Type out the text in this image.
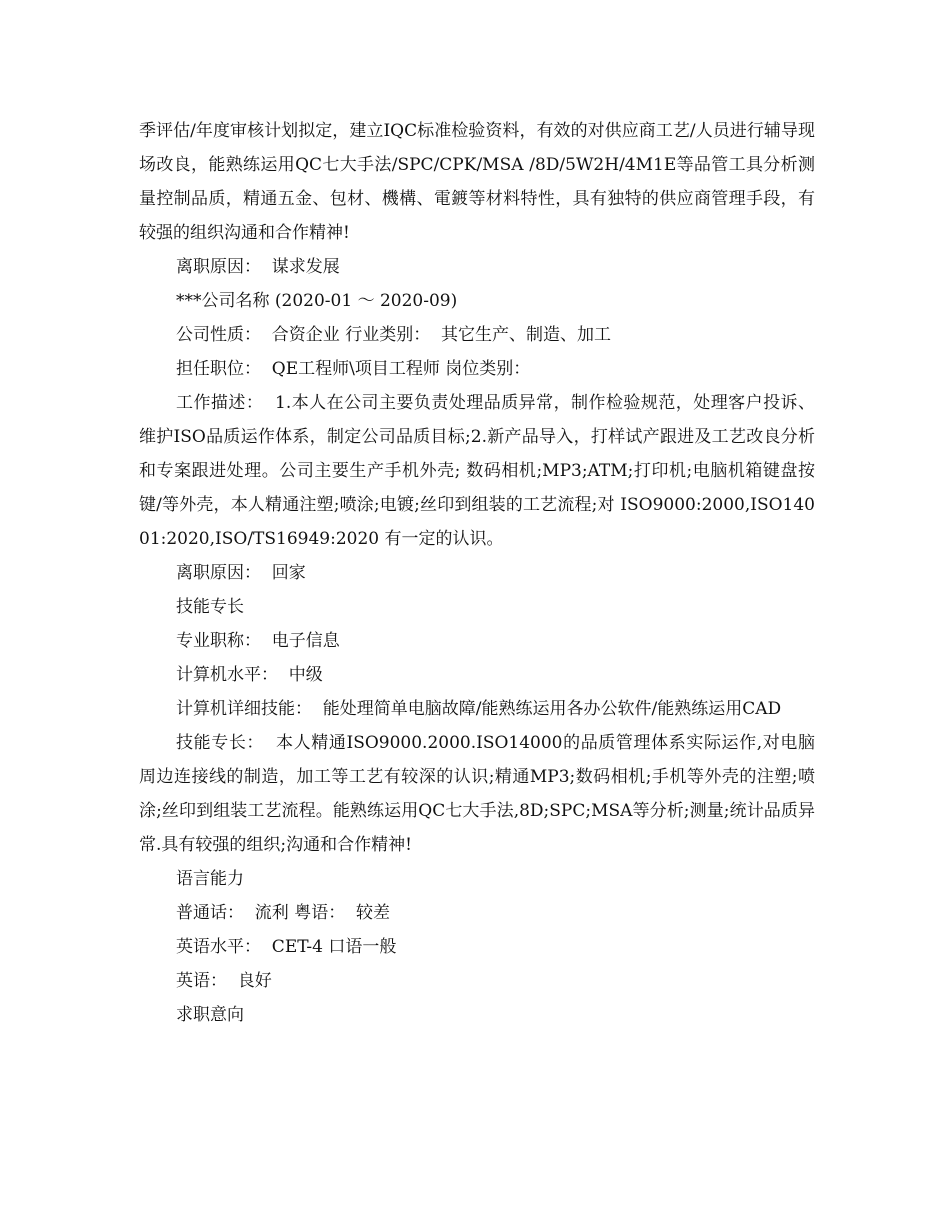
季评估/年度审核计划拟定，建立IQC标准检验资料，有效的对供应商工艺/人员进行辅导现场改良，能熟练运用QC七大手法/SPC/CPK/MSA /8D/5W2H/4M1E等品管工具分析测量控制品质，精通五金、包材、機構、電鍍等材料特性，具有独特的供应商管理手段，有较强的组织沟通和合作精神!

离职原因：  谋求发展

***公司名称 (2020-01 ～ 2020-09)

公司性质：  合资企业 行业类别：  其它生产、制造、加工

担任职位：  QE工程师\项目工程师 岗位类别：

工作描述：  1.本人在公司主要负责处理品质异常，制作检验规范，处理客户投诉、维护ISO品质运作体系，制定公司品质目标;2.新产品导入，打样试产跟进及工艺改良分析和专案跟进处理。公司主要生产手机外壳; 数码相机;MP3;ATM;打印机;电脑机箱键盘按键/等外壳，本人精通注塑;喷涂;电镀;丝印到组装的工艺流程;对 ISO9000:2000,ISO14001:2020,ISO/TS16949:2020 有一定的认识。

离职原因：  回家

技能专长

专业职称：  电子信息

计算机水平：  中级

计算机详细技能：  能处理简单电脑故障/能熟练运用各办公软件/能熟练运用CAD

技能专长：  本人精通ISO9000.2000.ISO14000的品质管理体系实际运作,对电脑周边连接线的制造，加工等工艺有较深的认识;精通MP3;数码相机;手机等外壳的注塑;喷涂;丝印到组装工艺流程。能熟练运用QC七大手法,8D;SPC;MSA等分析;测量;统计品质异常.具有较强的组织;沟通和合作精神!

语言能力

普通话：  流利 粤语：  较差

英语水平：  CET-4 口语一般

英语：  良好

求职意向
